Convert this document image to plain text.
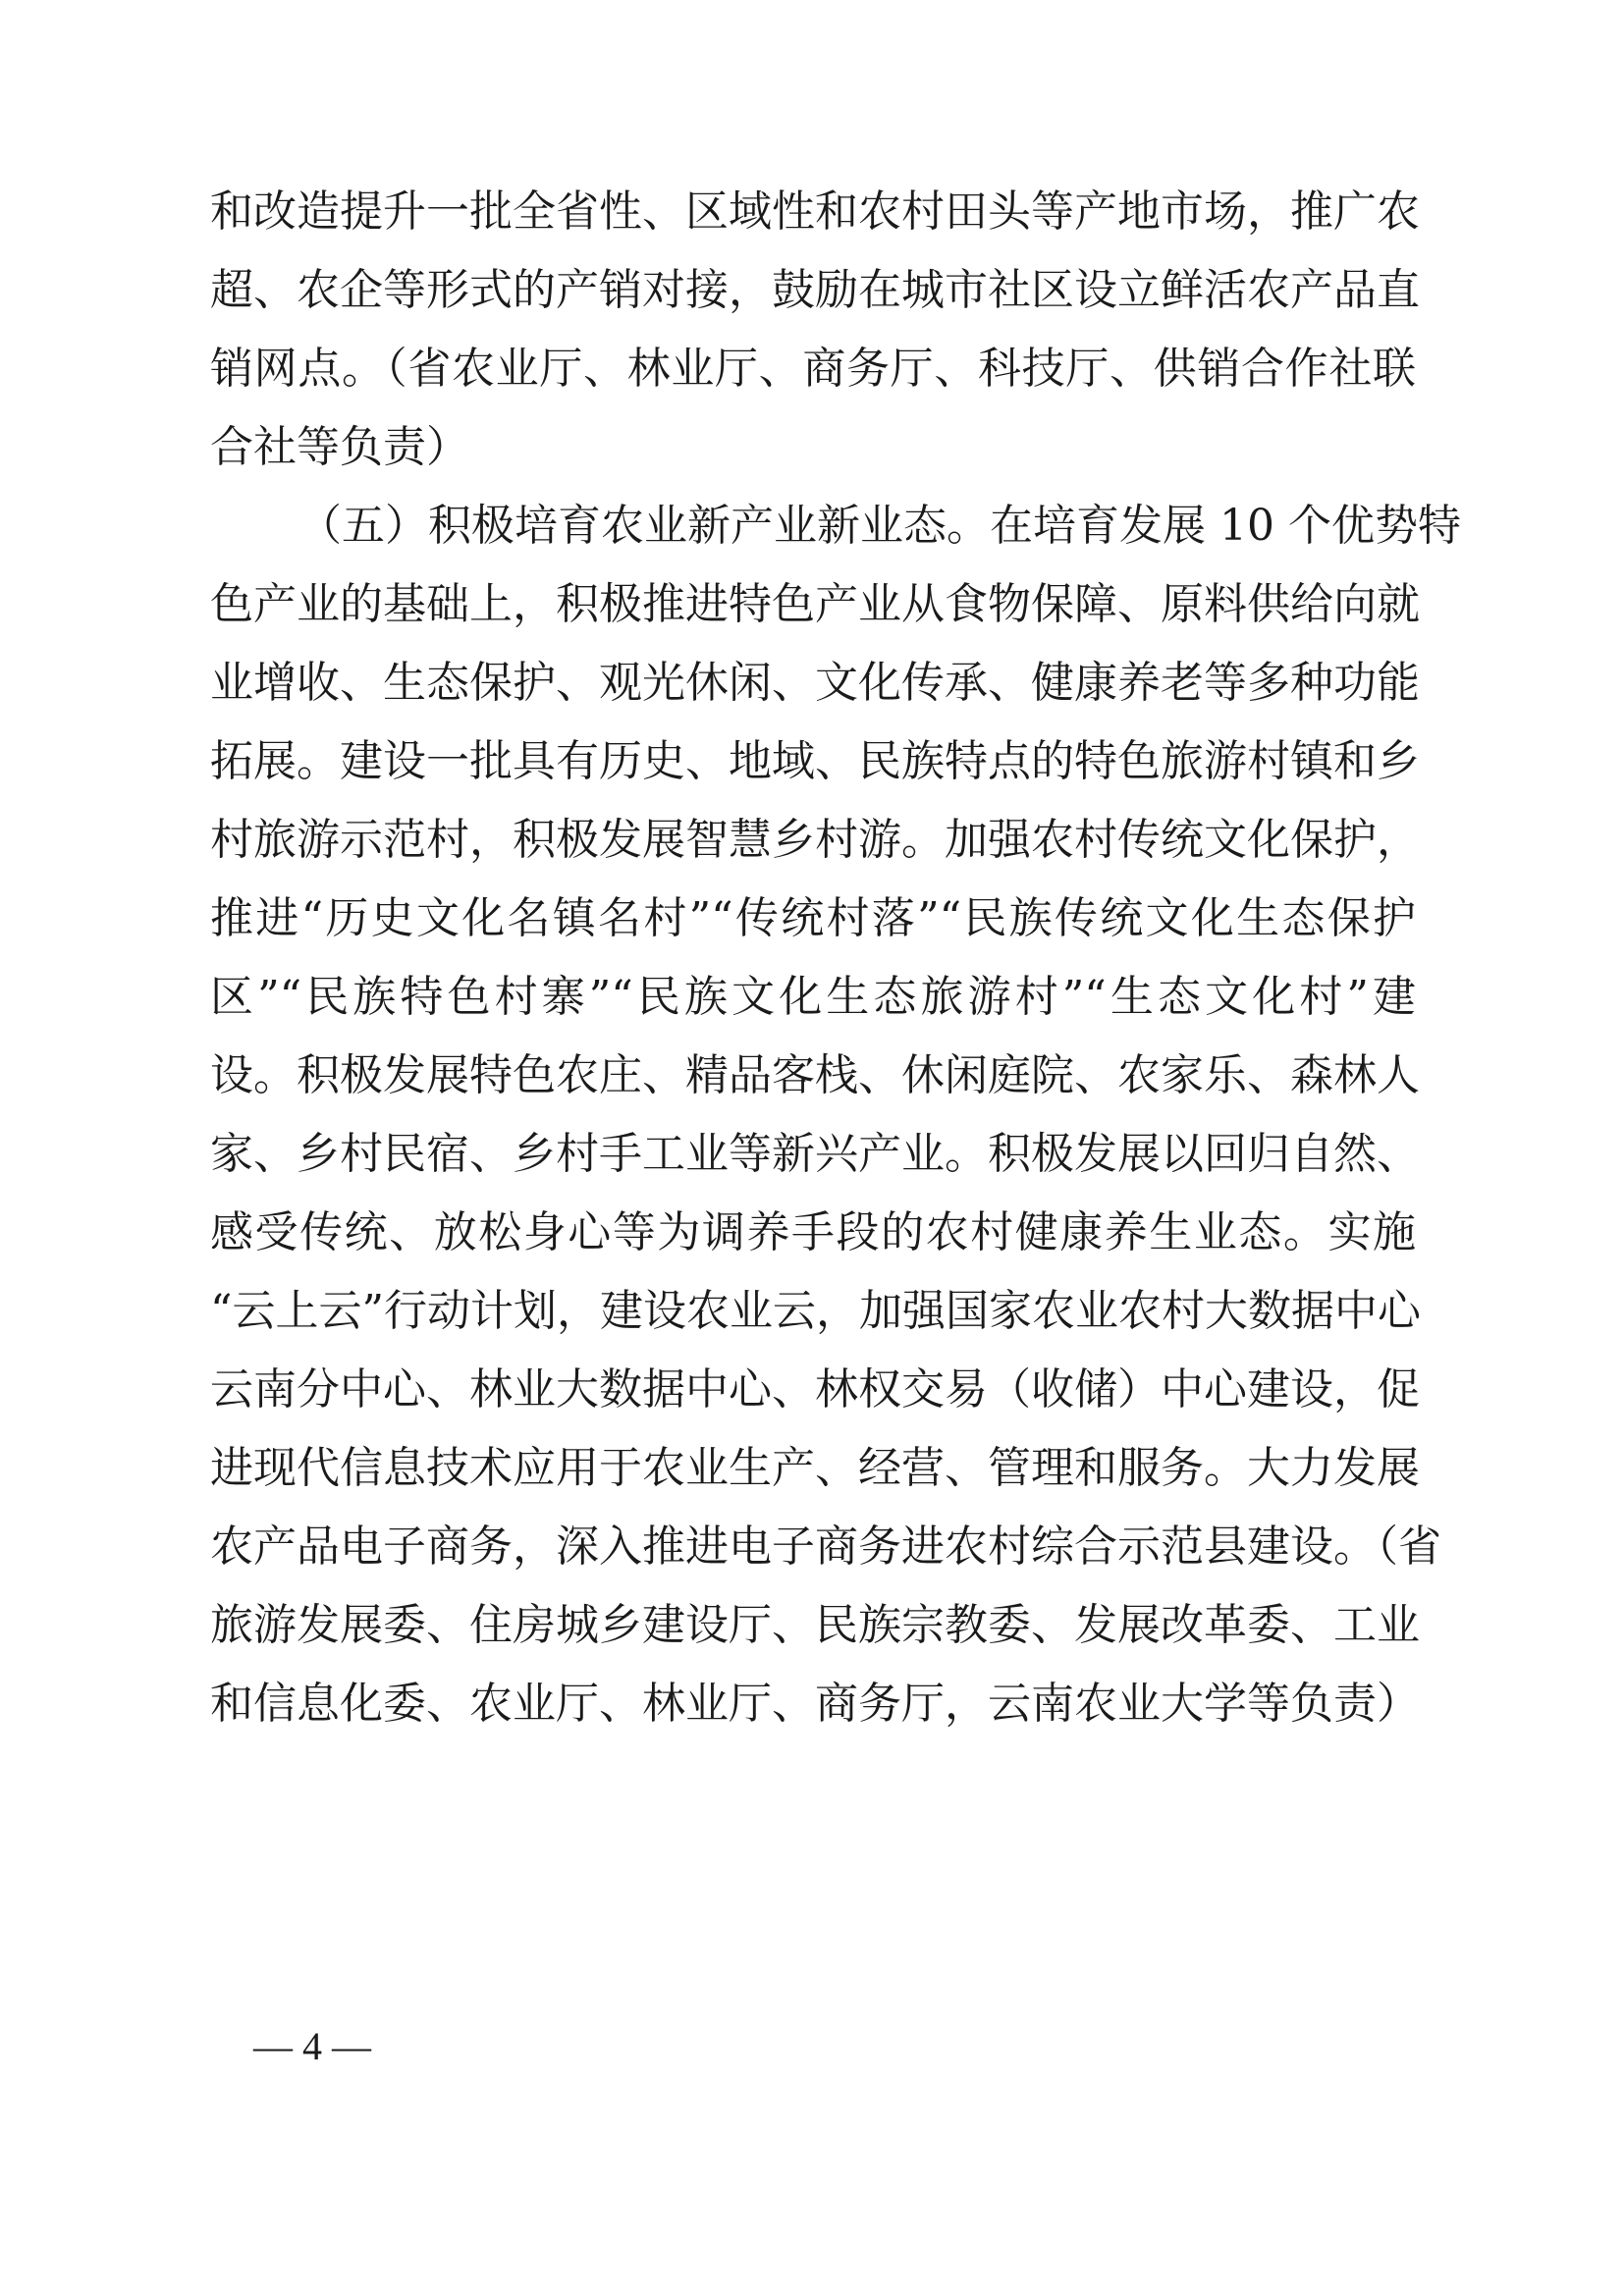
和改造提升一批全省性、区域性和农村田头等产地市场，推广农
超、农企等形式的产销对接，鼓励在城市社区设立鲜活农产品直
销网点。（省农业厅、林业厅、商务厅、科技厅、供销合作社联
合社等负责）
（五）积极培育农业新产业新业态。在培育发展 10 个优势特
色产业的基础上，积极推进特色产业从食物保障、原料供给向就
业增收、生态保护、观光休闲、文化传承、健康养老等多种功能
拓展。建设一批具有历史、地域、民族特点的特色旅游村镇和乡
村旅游示范村，积极发展智慧乡村游。加强农村传统文化保护，
推进“历史文化名镇名村”“传统村落”“民族传统文化生态保护
区”“民族特色村寨”“民族文化生态旅游村”“生态文化村”建
设。积极发展特色农庄、精品客栈、休闲庭院、农家乐、森林人
家、乡村民宿、乡村手工业等新兴产业。积极发展以回归自然、
感受传统、放松身心等为调养手段的农村健康养生业态。实施
“云上云”行动计划，建设农业云，加强国家农业农村大数据中心
云南分中心、林业大数据中心、林权交易（收储）中心建设，促
进现代信息技术应用于农业生产、经营、管理和服务。大力发展
农产品电子商务，深入推进电子商务进农村综合示范县建设。（省
旅游发展委、住房城乡建设厅、民族宗教委、发展改革委、工业
和信息化委、农业厅、林业厅、商务厅，云南农业大学等负责）
— 4 —
